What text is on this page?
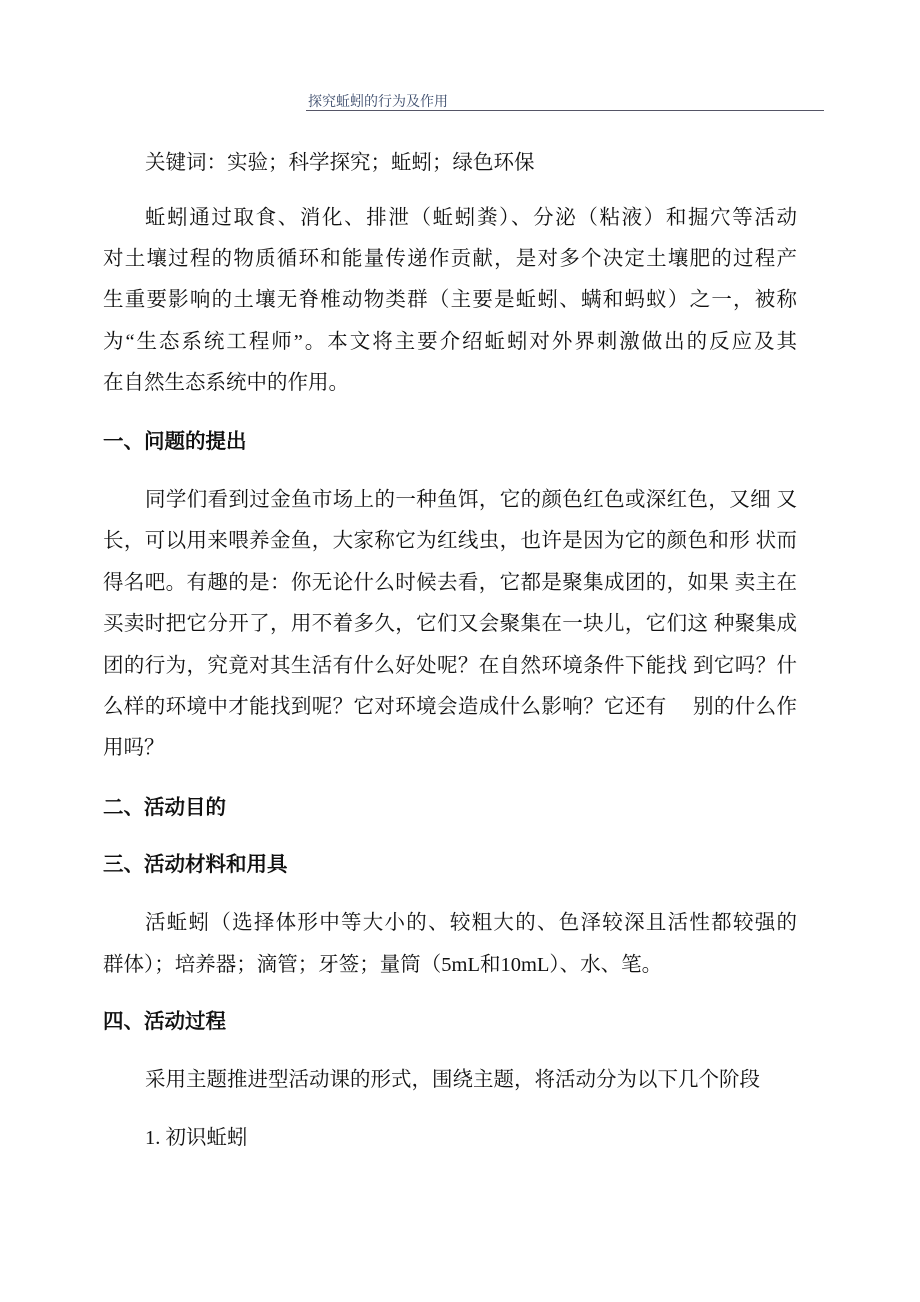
探究蚯蚓的行为及作用
关键词：实验；科学探究；蚯蚓；绿色环保
蚯蚓通过取食、消化、排泄（蚯蚓粪）、分泌（粘液）和掘穴等活动
对土壤过程的物质循环和能量传递作贡献，是对多个决定土壤肥的过程产
生重要影响的土壤无脊椎动物类群（主要是蚯蚓、螨和蚂蚁）之一，被称
为“生态系统工程师”。本文将主要介绍蚯蚓对外界刺激做出的反应及其
在自然生态系统中的作用。
一、问题的提出
同学们看到过金鱼市场上的一种鱼饵，它的颜色红色或深红色，又细 又
长，可以用来喂养金鱼，大家称它为红线虫，也许是因为它的颜色和形 状而
得名吧。有趣的是：你无论什么时候去看，它都是聚集成团的，如果 卖主在
买卖时把它分开了，用不着多久，它们又会聚集在一块儿，它们这 种聚集成
团的行为，究竟对其生活有什么好处呢？在自然环境条件下能找 到它吗？什
么样的环境中才能找到呢？它对环境会造成什么影响？它还有　 别的什么作
用吗？
二、活动目的
三、活动材料和用具
活蚯蚓（选择体形中等大小的、较粗大的、色泽较深且活性都较强的
群体）；培养器；滴管；牙签；量筒（5mL和10mL）、水、笔。
四、活动过程
采用主题推进型活动课的形式，围绕主题，将活动分为以下几个阶段
1. 初识蚯蚓
